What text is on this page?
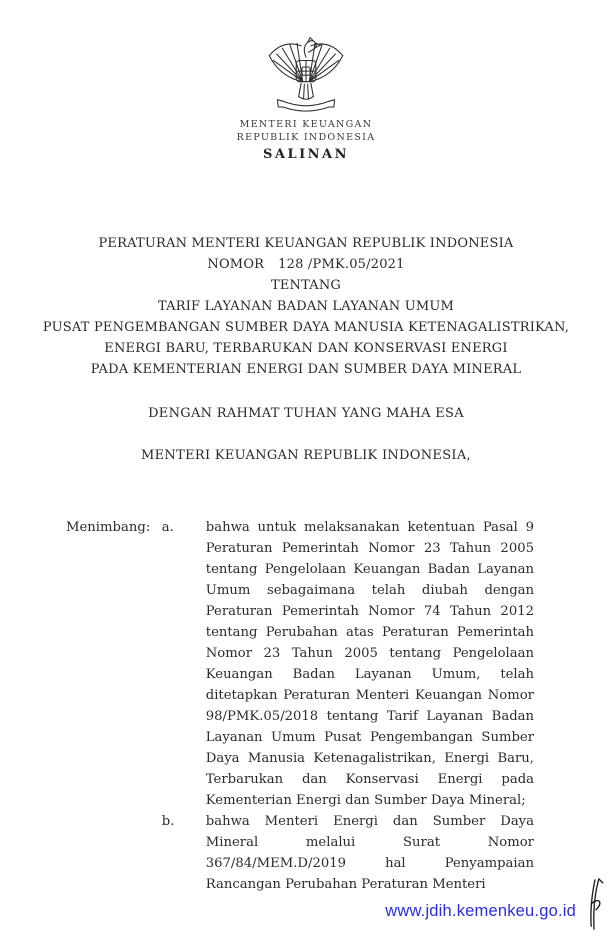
MENTERI KEUANGAN
REPUBLIK INDONESIA
SALINAN
PERATURAN MENTERI KEUANGAN REPUBLIK INDONESIA
NOMOR 128 /PMK.05/2021
TENTANG
TARIF LAYANAN BADAN LAYANAN UMUM
PUSAT PENGEMBANGAN SUMBER DAYA MANUSIA KETENAGALISTRIKAN,
ENERGI BARU, TERBARUKAN DAN KONSERVASI ENERGI
PADA KEMENTERIAN ENERGI DAN SUMBER DAYA MINERAL
DENGAN RAHMAT TUHAN YANG MAHA ESA
MENTERI KEUANGAN REPUBLIK INDONESIA,
Menimbang : a.	bahwa untuk melaksanakan ketentuan Pasal 9 Peraturan Pemerintah Nomor 23 Tahun 2005 tentang Pengelolaan Keuangan Badan Layanan Umum sebagaimana telah diubah dengan Peraturan Pemerintah Nomor 74 Tahun 2012 tentang Perubahan atas Peraturan Pemerintah Nomor 23 Tahun 2005 tentang Pengelolaan Keuangan Badan Layanan Umum, telah ditetapkan Peraturan Menteri Keuangan Nomor 98/PMK.05/2018 tentang Tarif Layanan Badan Layanan Umum Pusat Pengembangan Sumber Daya Manusia Ketenagalistrikan, Energi Baru, Terbarukan dan Konservasi Energi pada Kementerian Energi dan Sumber Daya Mineral;
b.	bahwa Menteri Energi dan Sumber Daya Mineral melalui Surat Nomor 367/84/MEM.D/2019 hal Penyampaian Rancangan Perubahan Peraturan Menteri
www.jdih.kemenkeu.go.id
